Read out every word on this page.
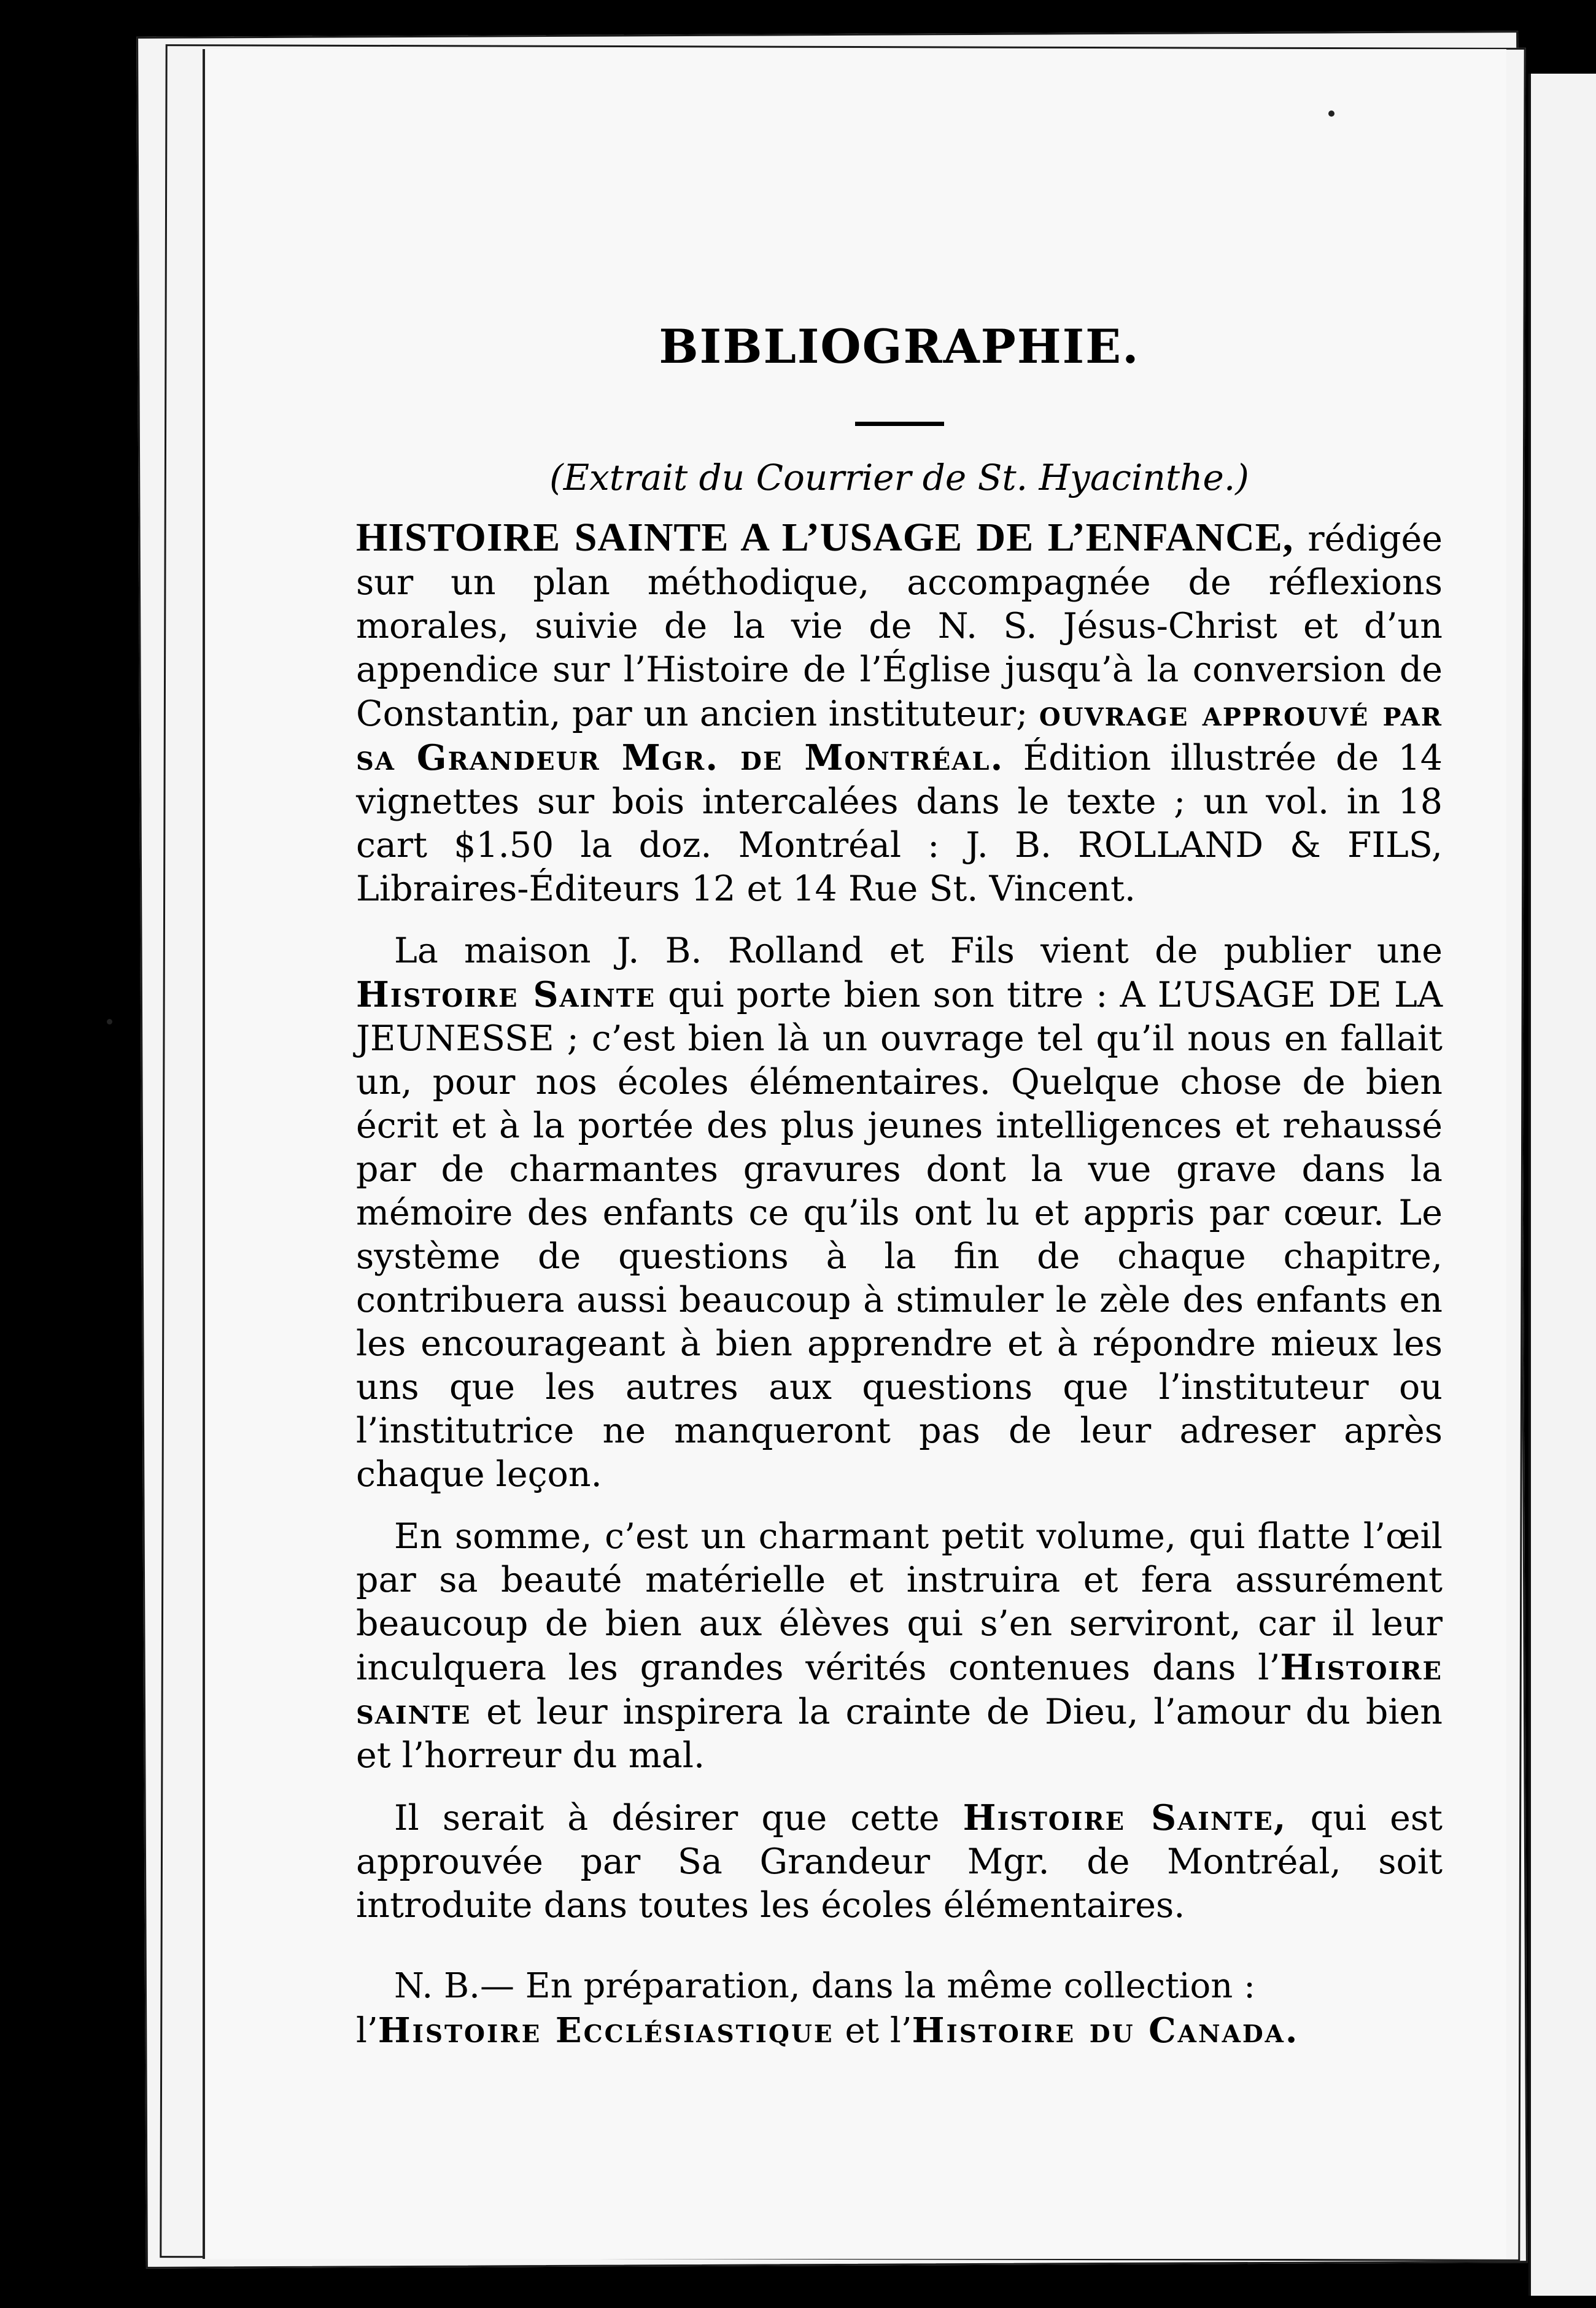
BIBLIOGRAPHIE.
(Extrait du Courrier de St. Hyacinthe.)

HISTOIRE SAINTE A L’USAGE DE L’ENFANCE, rédigée sur un plan méthodique, accompagnée de réflexions morales, suivie de la vie de N. S. Jésus-Christ et d’un appendice sur l’Histoire de l’Église jusqu’à la conversion de Constantin, par un ancien instituteur; ouvrage approuvé par sa Grandeur Mgr. de Montréal. Édition illustrée de 14 vignettes sur bois intercalées dans le texte ; un vol. in 18 cart $1.50 la doz. Montréal : J. B. ROLLAND & FILS, Libraires-Éditeurs 12 et 14 Rue St. Vincent.

La maison J. B. Rolland et Fils vient de publier une Histoire Sainte qui porte bien son titre : A L’USAGE DE LA JEUNESSE ; c’est bien là un ouvrage tel qu’il nous en fallait un, pour nos écoles élémentaires. Quelque chose de bien écrit et à la portée des plus jeunes intelligences et rehaussé par de charmantes gravures dont la vue grave dans la mémoire des enfants ce qu’ils ont lu et appris par cœur. Le système de questions à la fin de chaque chapitre, contribuera aussi beaucoup à stimuler le zèle des enfants en les encourageant à bien apprendre et à répondre mieux les uns que les autres aux questions que l’instituteur ou l’institutrice ne manqueront pas de leur adreser après chaque leçon.

En somme, c’est un charmant petit volume, qui flatte l’œil par sa beauté matérielle et instruira et fera assurément beaucoup de bien aux élèves qui s’en serviront, car il leur inculquera les grandes vérités contenues dans l’Histoire sainte et leur inspirera la crainte de Dieu, l’amour du bien et l’horreur du mal.

Il serait à désirer que cette Histoire Sainte, qui est approuvée par Sa Grandeur Mgr. de Montréal, soit introduite dans toutes les écoles élémentaires.

N. B.— En préparation, dans la même collection :
l’Histoire Ecclésiastique et l’Histoire du Canada.
